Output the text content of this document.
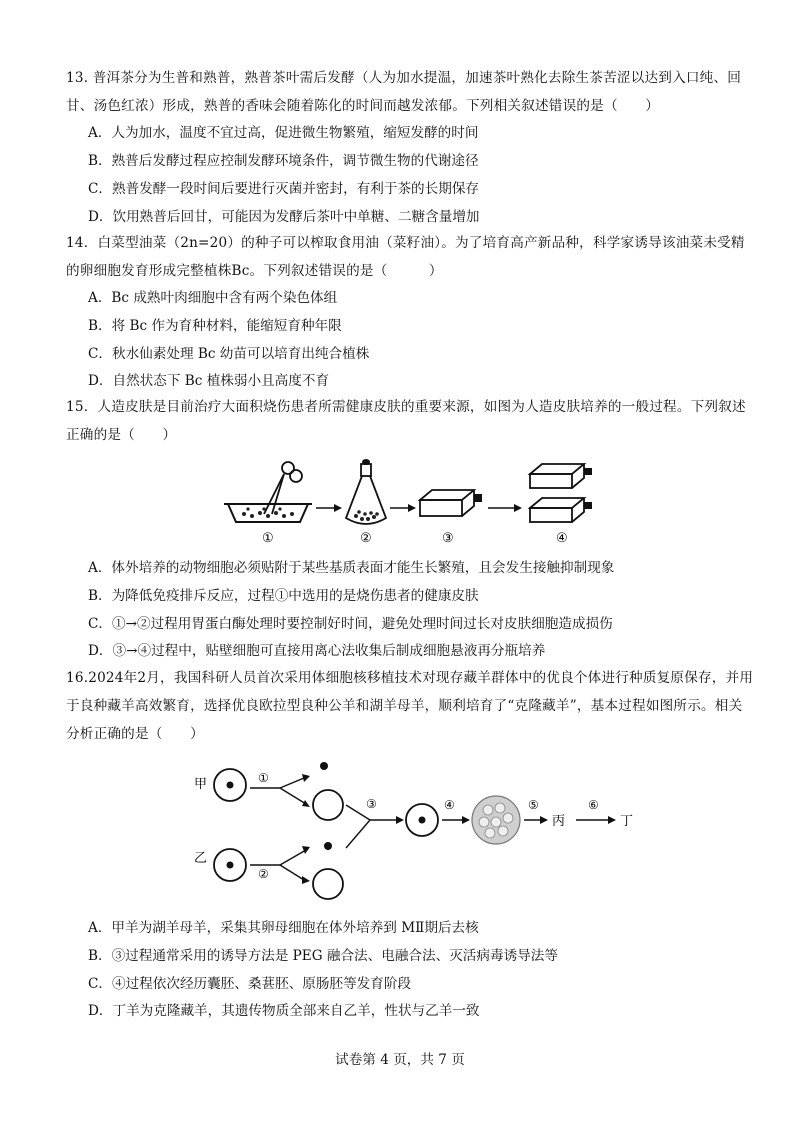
13. 普洱茶分为生普和熟普，熟普茶叶需后发酵（人为加水提温，加速茶叶熟化去除生茶苦涩以达到入口纯、回甘、汤色红浓）形成，熟普的香味会随着陈化的时间而越发浓郁。下列相关叙述错误的是（　　）
A．人为加水，温度不宜过高，促进微生物繁殖，缩短发酵的时间
B．熟普后发酵过程应控制发酵环境条件，调节微生物的代谢途径
C．熟普发酵一段时间后要进行灭菌并密封，有利于茶的长期保存
D．饮用熟普后回甘，可能因为发酵后茶叶中单糖、二糖含量增加
14．白菜型油菜（2n=20）的种子可以榨取食用油（菜籽油）。为了培育高产新品种，科学家诱导该油菜未受精的卵细胞发育形成完整植株Bc。下列叙述错误的是（　　　）
A．Bc 成熟叶肉细胞中含有两个染色体组
B．将 Bc 作为育种材料，能缩短育种年限
C．秋水仙素处理 Bc 幼苗可以培育出纯合植株
D．自然状态下 Bc 植株弱小且高度不育
15．人造皮肤是目前治疗大面积烧伤患者所需健康皮肤的重要来源，如图为人造皮肤培养的一般过程。下列叙述正确的是（　　）
①	②	③	④
A．体外培养的动物细胞必须贴附于某些基质表面才能生长繁殖，且会发生接触抑制现象
B．为降低免疫排斥反应，过程①中选用的是烧伤患者的健康皮肤
C．①→②过程用胃蛋白酶处理时要控制好时间，避免处理时间过长对皮肤细胞造成损伤
D．③→④过程中，贴壁细胞可直接用离心法收集后制成细胞悬液再分瓶培养
16.2024年2月，我国科研人员首次采用体细胞核移植技术对现存藏羊群体中的优良个体进行种质复原保存，并用于良种藏羊高效繁育，选择优良欧拉型良种公羊和湖羊母羊，顺利培育了“克隆藏羊”，基本过程如图所示。相关分析正确的是（　　）
甲	①
③	④	⑤
丙
⑥
丁
乙
②
A．甲羊为湖羊母羊，采集其卵母细胞在体外培养到 MⅡ期后去核
B．③过程通常采用的诱导方法是 PEG 融合法、电融合法、灭活病毒诱导法等
C．④过程依次经历囊胚、桑葚胚、原肠胚等发育阶段
D．丁羊为克隆藏羊，其遗传物质全部来自乙羊，性状与乙羊一致
试卷第 4 页，共 7 页
